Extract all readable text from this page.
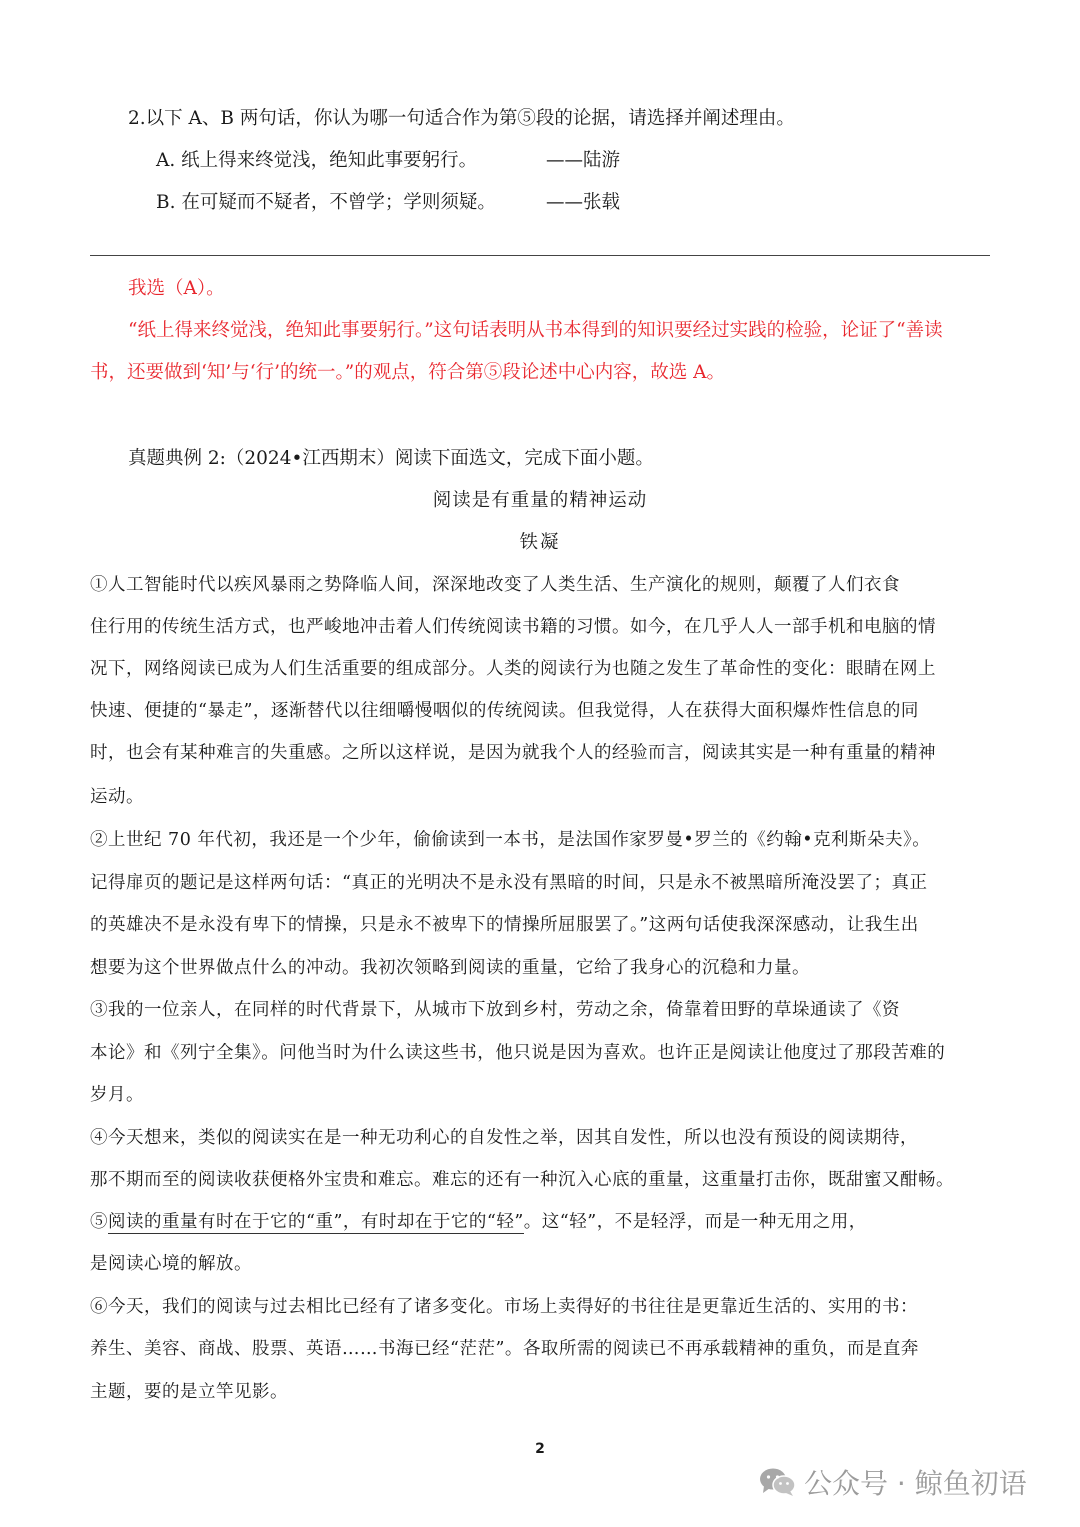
2.以下 A、B 两句话，你认为哪一句适合作为第⑤段的论据，请选择并阐述理由。
A. 纸上得来终觉浅，绝知此事要躬行。	——陆游
B. 在可疑而不疑者，不曾学；学则须疑。	——张载
我选（A）。
“纸上得来终觉浅，绝知此事要躬行。”这句话表明从书本得到的知识要经过实践的检验，论证了“善读
书，还要做到‘知’与‘行’的统一。”的观点，符合第⑤段论述中心内容，故选 A。
真题典例 2:（2024•江西期末）阅读下面选文，完成下面小题。
阅读是有重量的精神运动
铁凝
①人工智能时代以疾风暴雨之势降临人间，深深地改变了人类生活、生产演化的规则，颠覆了人们衣食
住行用的传统生活方式，也严峻地冲击着人们传统阅读书籍的习惯。如今，在几乎人人一部手机和电脑的情
况下，网络阅读已成为人们生活重要的组成部分。人类的阅读行为也随之发生了革命性的变化：眼睛在网上
快速、便捷的“暴走”，逐渐替代以往细嚼慢咽似的传统阅读。但我觉得，人在获得大面积爆炸性信息的同
时，也会有某种难言的失重感。之所以这样说，是因为就我个人的经验而言，阅读其实是一种有重量的精神
运动。
②上世纪 70 年代初，我还是一个少年，偷偷读到一本书，是法国作家罗曼•罗兰的《约翰•克利斯朵夫》。
记得扉页的题记是这样两句话：“真正的光明决不是永没有黑暗的时间，只是永不被黑暗所淹没罢了；真正
的英雄决不是永没有卑下的情操，只是永不被卑下的情操所屈服罢了。”这两句话使我深深感动，让我生出
想要为这个世界做点什么的冲动。我初次领略到阅读的重量，它给了我身心的沉稳和力量。
③我的一位亲人，在同样的时代背景下，从城市下放到乡村，劳动之余，倚靠着田野的草垛通读了《资
本论》和《列宁全集》。问他当时为什么读这些书，他只说是因为喜欢。也许正是阅读让他度过了那段苦难的
岁月。
④今天想来，类似的阅读实在是一种无功利心的自发性之举，因其自发性，所以也没有预设的阅读期待，
那不期而至的阅读收获便格外宝贵和难忘。难忘的还有一种沉入心底的重量，这重量打击你，既甜蜜又酣畅。
⑤阅读的重量有时在于它的“重”，有时却在于它的“轻”。这“轻”，不是轻浮，而是一种无用之用，
是阅读心境的解放。
⑥今天，我们的阅读与过去相比已经有了诸多变化。市场上卖得好的书往往是更靠近生活的、实用的书：
养生、美容、商战、股票、英语……书海已经“茫茫”。各取所需的阅读已不再承载精神的重负，而是直奔
主题，要的是立竿见影。
2
公众号 · 鲸鱼初语
